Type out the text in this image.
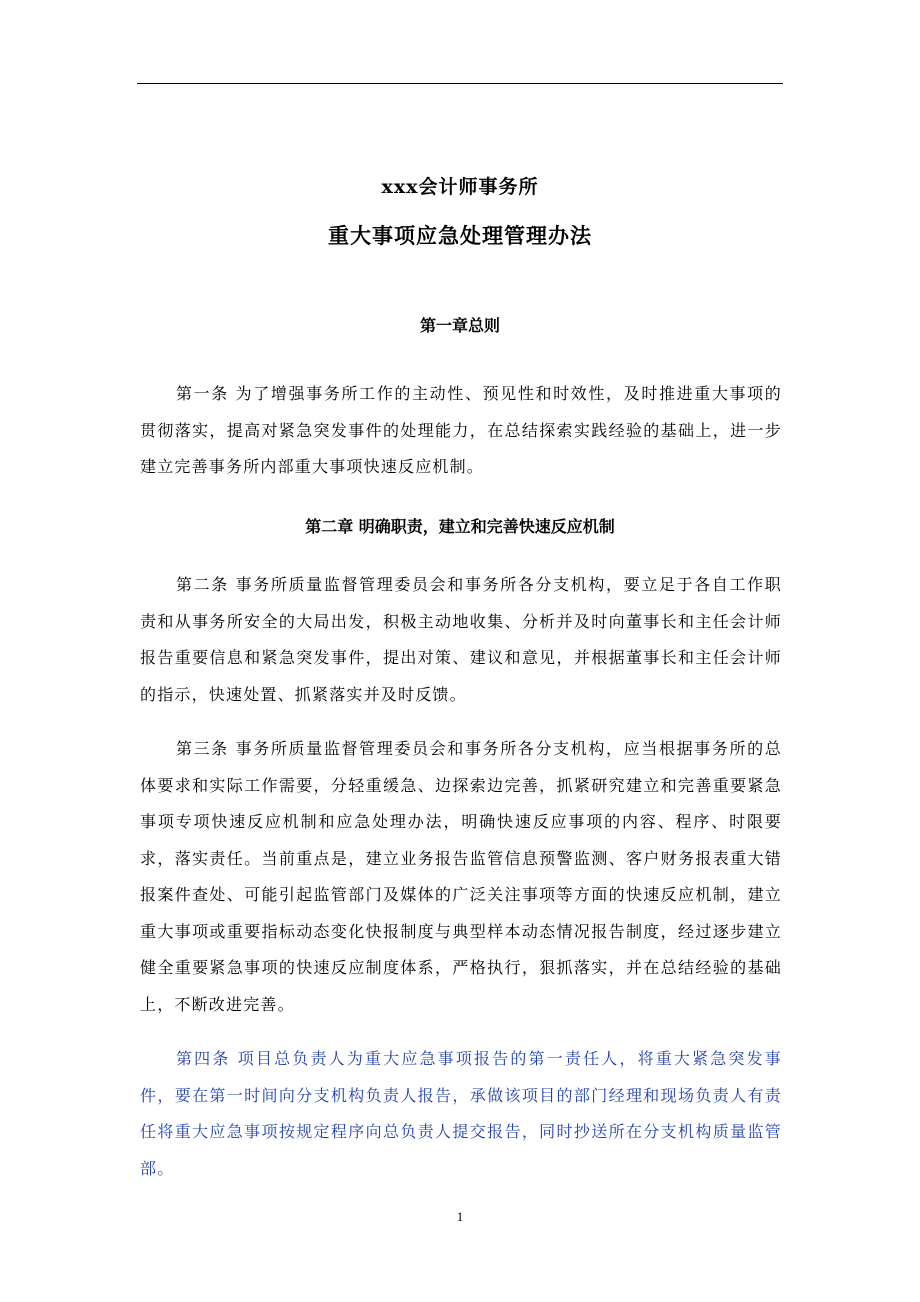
xxx会计师事务所
重大事项应急处理管理办法
第一章总则

第一条 为了增强事务所工作的主动性、预见性和时效性，及时推进重大事项的贯彻落实，提高对紧急突发事件的处理能力，在总结探索实践经验的基础上，进一步建立完善事务所内部重大事项快速反应机制。

第二章 明确职责，建立和完善快速反应机制

第二条 事务所质量监督管理委员会和事务所各分支机构，要立足于各自工作职责和从事务所安全的大局出发，积极主动地收集、分析并及时向董事长和主任会计师报告重要信息和紧急突发事件，提出对策、建议和意见，并根据董事长和主任会计师的指示，快速处置、抓紧落实并及时反馈。

第三条 事务所质量监督管理委员会和事务所各分支机构，应当根据事务所的总体要求和实际工作需要，分轻重缓急、边探索边完善，抓紧研究建立和完善重要紧急事项专项快速反应机制和应急处理办法，明确快速反应事项的内容、程序、时限要求，落实责任。当前重点是，建立业务报告监管信息预警监测、客户财务报表重大错报案件查处、可能引起监管部门及媒体的广泛关注事项等方面的快速反应机制，建立重大事项或重要指标动态变化快报制度与典型样本动态情况报告制度，经过逐步建立健全重要紧急事项的快速反应制度体系，严格执行，狠抓落实，并在总结经验的基础上，不断改进完善。

第四条 项目总负责人为重大应急事项报告的第一责任人，将重大紧急突发事件，要在第一时间向分支机构负责人报告，承做该项目的部门经理和现场负责人有责任将重大应急事项按规定程序向总负责人提交报告，同时抄送所在分支机构质量监管部。

1
